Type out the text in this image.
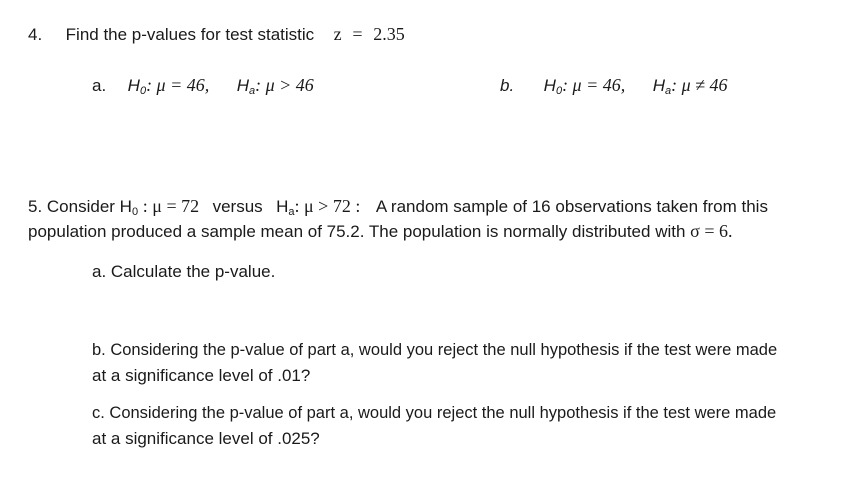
4. Find the p-values for test statistic z = 2.35
a. $H_0$: μ = 46, $H_a$: μ > 46	b. $H_0$: μ = 46, $H_a$: μ ≠ 46
5. Consider $H_0$ : μ = 72 versus $H_a$: μ > 72 : A random sample of 16 observations taken from this
population produced a sample mean of 75.2. The population is normally distributed with σ = 6.
a. Calculate the p-value.
b. Considering the p-value of part a, would you reject the null hypothesis if the test were made
at a significance level of .01?
c. Considering the p-value of part a, would you reject the null hypothesis if the test were made
at a significance level of .025?
